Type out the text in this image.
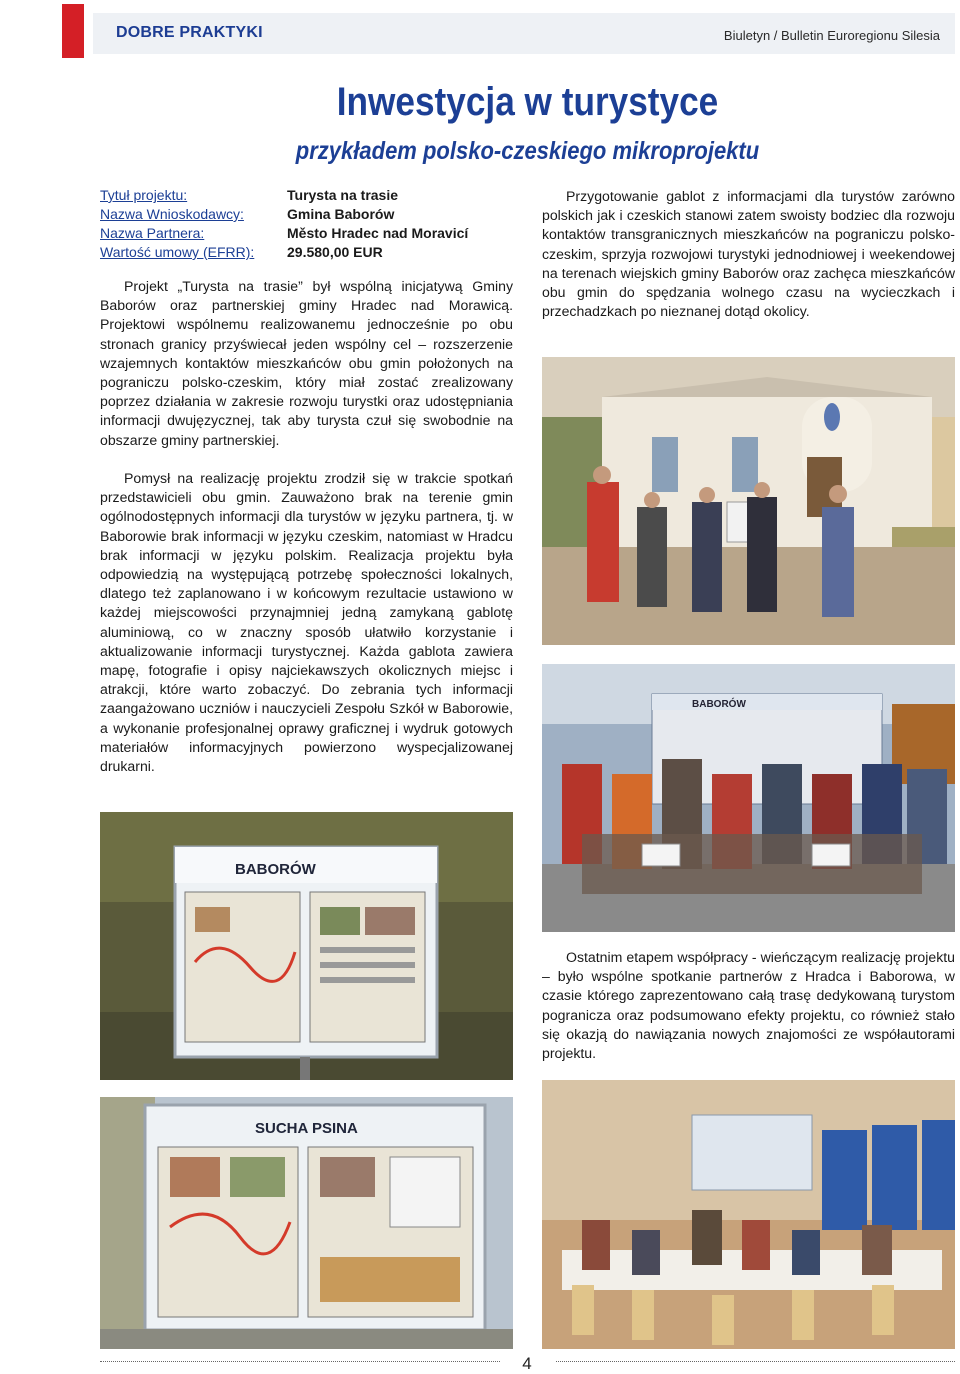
DOBRE PRAKTYKI	Biuletyn / Bulletin Euroregionu Silesia
Inwestycja w turystyce
przykładem polsko-czeskiego mikroprojektu
Tytuł projektu:
Nazwa Wnioskodawcy:
Nazwa Partnera:
Wartość umowy (EFRR):
Turysta na trasie
Gmina Baborów
Město Hradec nad Moravicí
29.580,00 EUR

Projekt „Turysta na trasie” był wspólną inicjatywą Gminy Baborów oraz partnerskiej gminy Hradec nad Morawicą. Projektowi wspólnemu realizowanemu jednocześnie po obu stronach granicy przyświecał jeden wspólny cel – rozszerzenie wzajemnych kontaktów mieszkańców obu gmin położonych na pograniczu polsko-czeskim, który miał zostać zrealizowany poprzez działania w zakresie rozwoju turystki oraz udostępniania informacji dwujęzycznej, tak aby turysta czuł się swobodnie na obszarze gminy partnerskiej.

Pomysł na realizację projektu zrodził się w trakcie spotkań przedstawicieli obu gmin. Zauważono brak na terenie gmin ogólnodostępnych informacji dla turystów w języku partnera, tj. w Baborowie brak informacji w języku czeskim, natomiast w Hradcu brak informacji w języku polskim. Realizacja projektu była odpowiedzią na występującą potrzebę społeczności lokalnych, dlatego też zaplanowano i w końcowym rezultacie ustawiono w każdej miejscowości przynajmniej jedną zamykaną gablotę aluminiową, co w znaczny sposób ułatwiło korzystanie i aktualizowanie informacji turystycznej. Każda gablota zawiera mapę, fotografie i opisy najciekawszych okolicznych miejsc i atrakcji, które warto zobaczyć. Do zebrania tych informacji zaangażowano uczniów i nauczycieli Zespołu Szkół w Baborowie, a wykonanie profesjonalnej oprawy graficznej i wydruk gotowych materiałów informacyjnych powierzono wyspecjalizowanej drukarni.

Przygotowanie gablot z informacjami dla turystów zarówno polskich jak i czeskich stanowi zatem swoisty bodziec dla rozwoju kontaktów transgranicznych mieszkańców na pograniczu polsko-czeskim, sprzyja rozwojowi turystyki jednodniowej i weekendowej na terenach wiejskich gminy Baborów oraz zachęca mieszkańców obu gmin do spędzania wolnego czasu na wycieczkach i przechadzkach po nieznanej dotąd okolicy.

Ostatnim etapem współpracy - wieńczącym realizację projektu – było wspólne spotkanie partnerów z Hradca i Baborowa, w czasie którego zaprezentowano całą trasę dedykowaną turystom pogranicza oraz podsumowano efekty projektu, co również stało się okazją do nawiązania nowych znajomości ze współautorami projektu.

BABORÓW
BABORÓW
SUCHA PSINA
4
